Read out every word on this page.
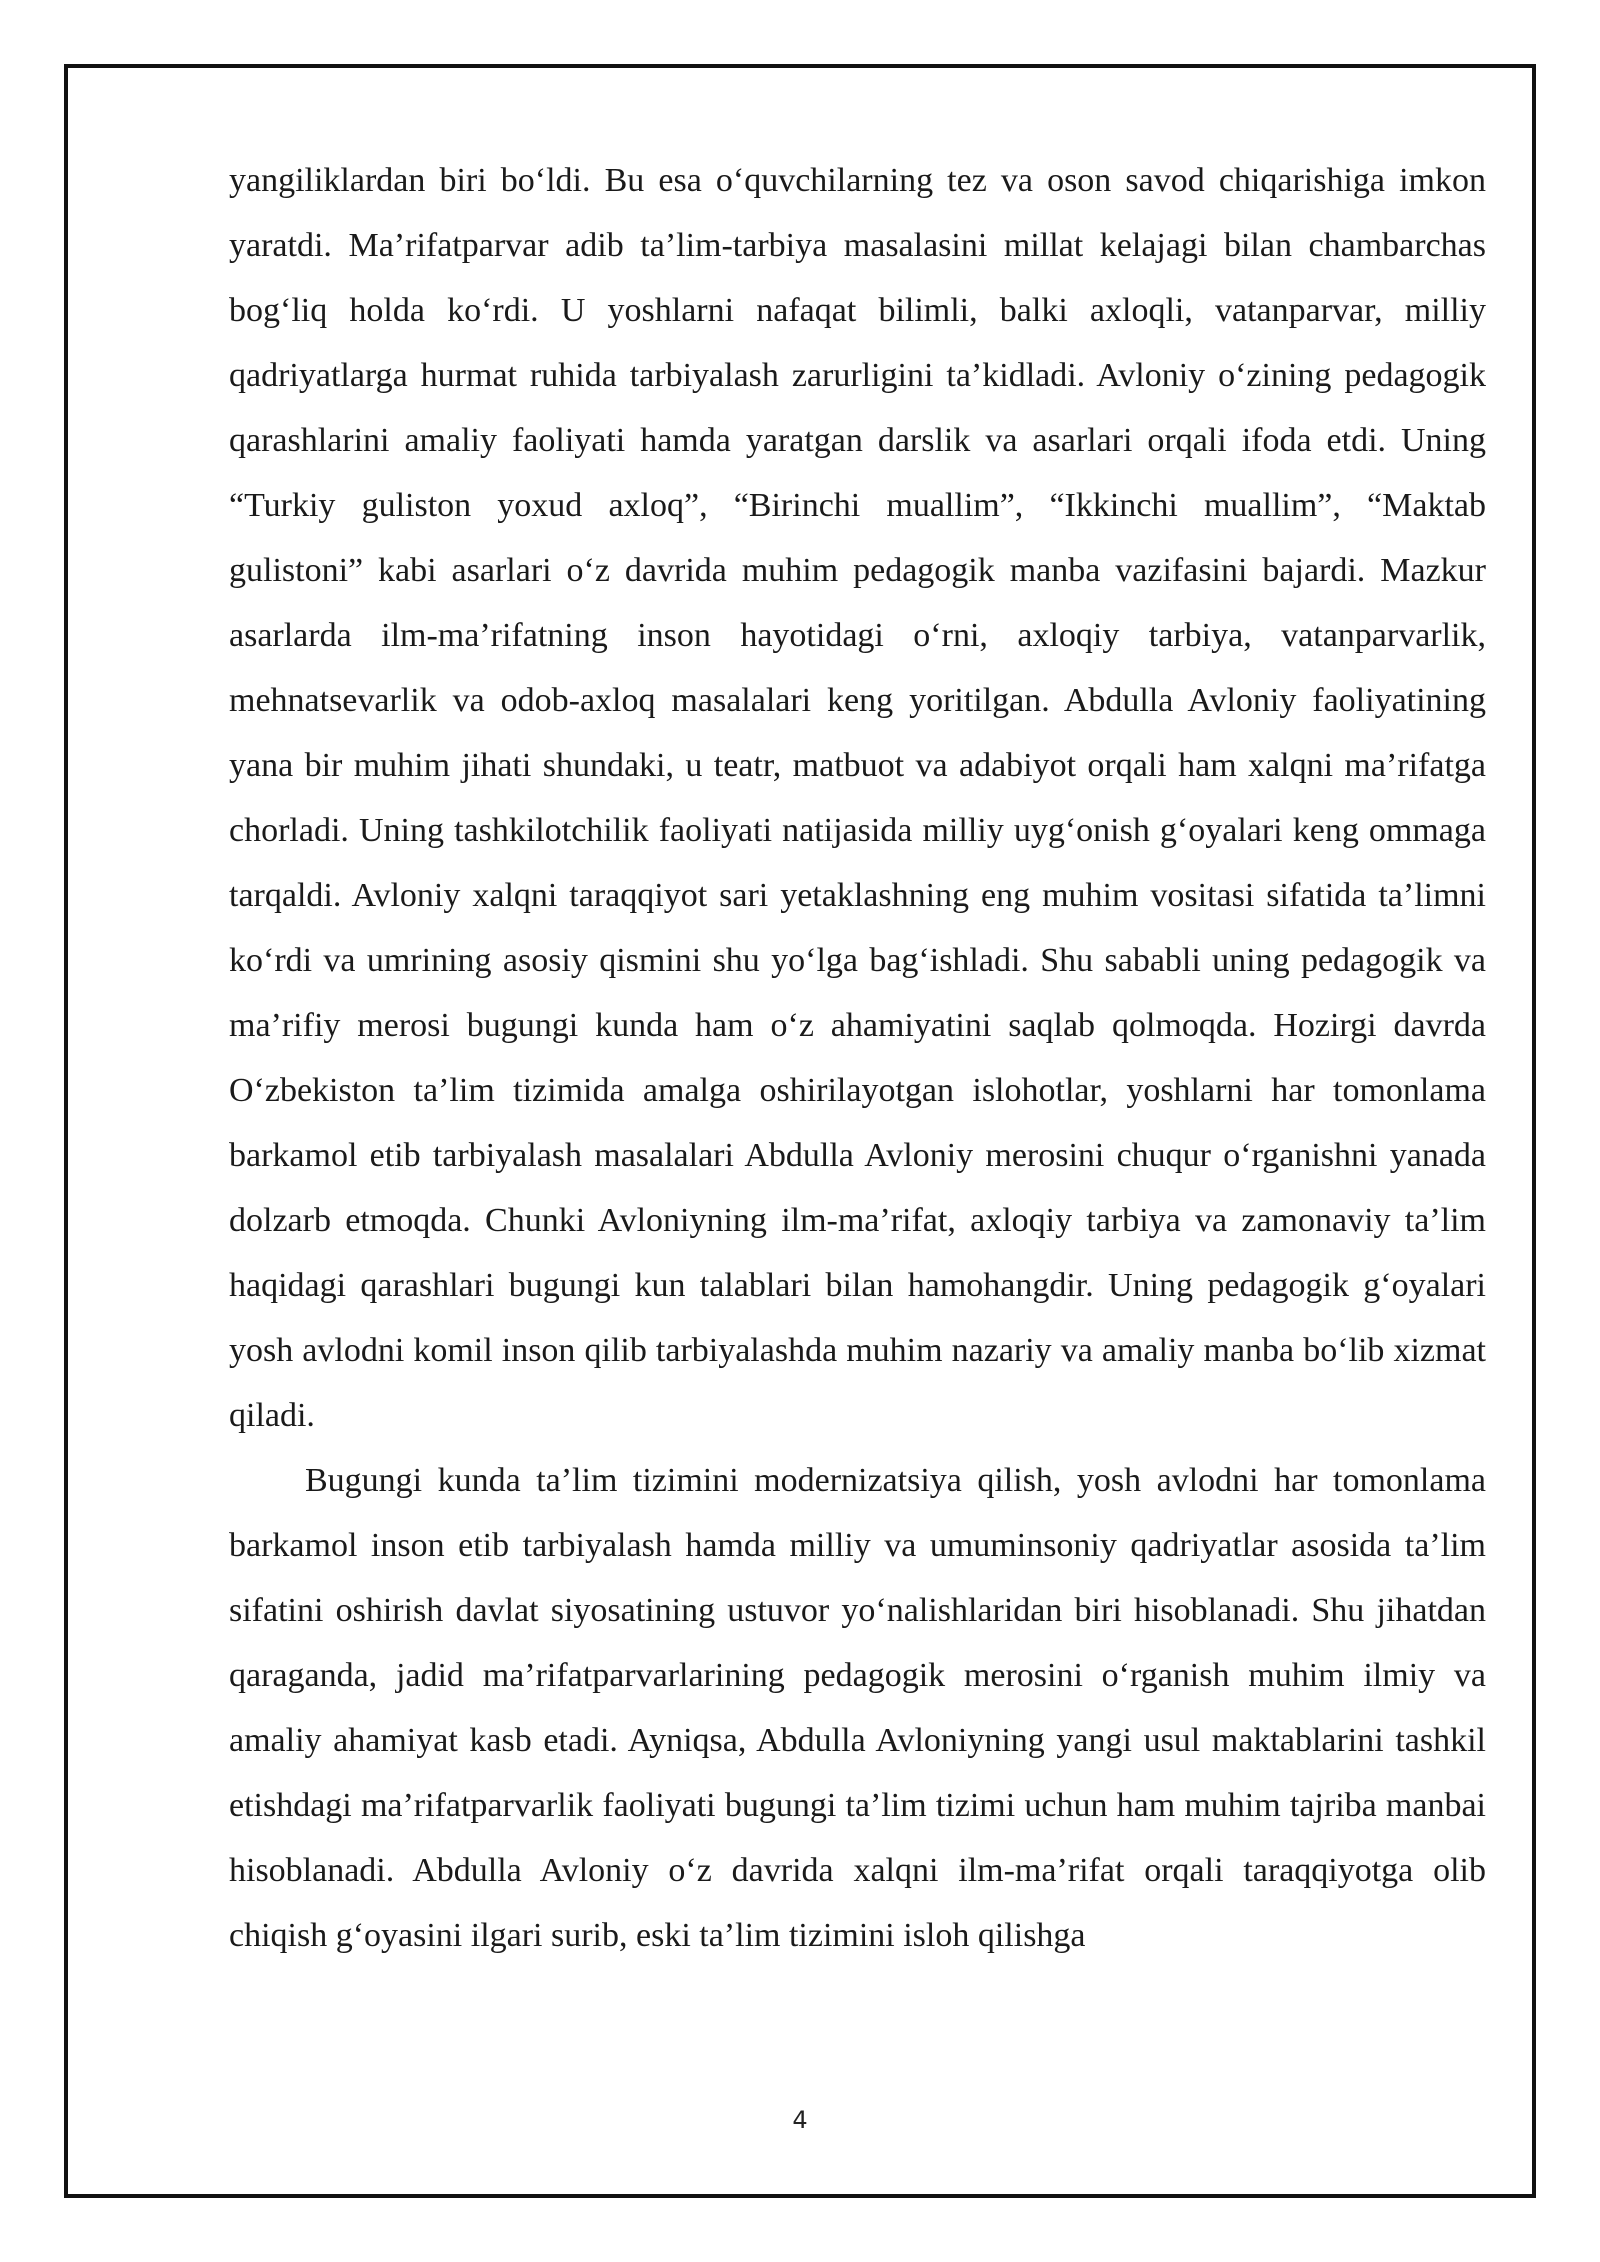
yangiliklardan biri bo‘ldi. Bu esa o‘quvchilarning tez va oson savod chiqarishiga imkon yaratdi. Ma’rifatparvar adib ta’lim-tarbiya masalasini millat kelajagi bilan chambarchas bog‘liq holda ko‘rdi. U yoshlarni nafaqat bilimli, balki axloqli, vatanparvar, milliy qadriyatlarga hurmat ruhida tarbiyalash zarurligini ta’kidladi. Avloniy o‘zining pedagogik qarashlarini amaliy faoliyati hamda yaratgan darslik va asarlari orqali ifoda etdi. Uning “Turkiy guliston yoxud axloq”, “Birinchi muallim”, “Ikkinchi muallim”, “Maktab gulistoni” kabi asarlari o‘z davrida muhim pedagogik manba vazifasini bajardi. Mazkur asarlarda ilm-ma’rifatning inson hayotidagi o‘rni, axloqiy tarbiya, vatanparvarlik, mehnatsevarlik va odob-axloq masalalari keng yoritilgan. Abdulla Avloniy faoliyatining yana bir muhim jihati shundaki, u teatr, matbuot va adabiyot orqali ham xalqni ma’rifatga chorladi. Uning tashkilotchilik faoliyati natijasida milliy uyg‘onish g‘oyalari keng ommaga tarqaldi. Avloniy xalqni taraqqiyot sari yetaklashning eng muhim vositasi sifatida ta’limni ko‘rdi va umrining asosiy qismini shu yo‘lga bag‘ishladi. Shu sababli uning pedagogik va ma’rifiy merosi bugungi kunda ham o‘z ahamiyatini saqlab qolmoqda. Hozirgi davrda O‘zbekiston ta’lim tizimida amalga oshirilayotgan islohotlar, yoshlarni har tomonlama barkamol etib tarbiyalash masalalari Abdulla Avloniy merosini chuqur o‘rganishni yanada dolzarb etmoqda. Chunki Avloniyning ilm-ma’rifat, axloqiy tarbiya va zamonaviy ta’lim haqidagi qarashlari bugungi kun talablari bilan hamohangdir. Uning pedagogik g‘oyalari yosh avlodni komil inson qilib tarbiyalashda muhim nazariy va amaliy manba bo‘lib xizmat qiladi.

Bugungi kunda ta’lim tizimini modernizatsiya qilish, yosh avlodni har tomonlama barkamol inson etib tarbiyalash hamda milliy va umuminsoniy qadriyatlar asosida ta’lim sifatini oshirish davlat siyosatining ustuvor yo‘nalishlaridan biri hisoblanadi. Shu jihatdan qaraganda, jadid ma’rifatparvarlarining pedagogik merosini o‘rganish muhim ilmiy va amaliy ahamiyat kasb etadi. Ayniqsa, Abdulla Avloniyning yangi usul maktablarini tashkil etishdagi ma’rifatparvarlik faoliyati bugungi ta’lim tizimi uchun ham muhim tajriba manbai hisoblanadi. Abdulla Avloniy o‘z davrida xalqni ilm-ma’rifat orqali taraqqiyotga olib chiqish g‘oyasini ilgari surib, eski ta’lim tizimini isloh qilishga

4
